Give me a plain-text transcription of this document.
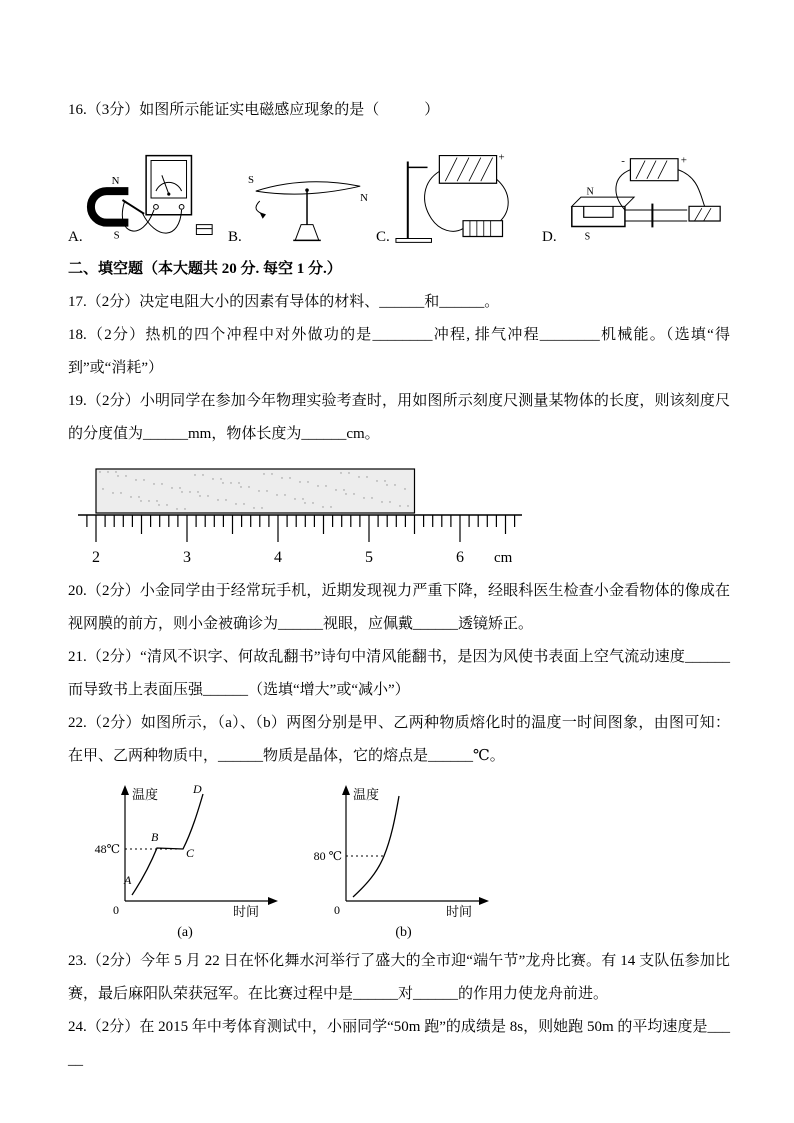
16.（3分）如图所示能证实电磁感应现象的是（　　　）

A.
N
S	B.
S
N
C.
+
D.
-	+
N
S

二、填空题（本大题共 20 分. 每空 1 分.）

17.（2分）决定电阻大小的因素有导体的材料、______和______。

18.（2分）热机的四个冲程中对外做功的是________冲程, 排气冲程________机械能。（选填“得到”或“消耗”）

19.（2分）小明同学在参加今年物理实验考查时，用如图所示刻度尺测量某物体的长度，则该刻度尺的分度值为______mm，物体长度为______cm。

2	3	4	5	6 cm

20.（2分）小金同学由于经常玩手机，近期发现视力严重下降，经眼科医生检查小金看物体的像成在视网膜的前方，则小金被确诊为______视眼，应佩戴______透镜矫正。

21.（2分）“清风不识字、何故乱翻书”诗句中清风能翻书，是因为风使书表面上空气流动速度______而导致书上表面压强______（选填“增大”或“减小”）

22.（2分）如图所示，（a）、（b）两图分别是甲、乙两种物质熔化时的温度一时间图象，由图可知：在甲、乙两种物质中，______物质是晶体，它的熔点是______℃。

温度
时间
0
48℃
A
B
C
D
(a)
温度
时间
0
80 ℃
(b)

23.（2分）今年 5 月 22 日在怀化舞水河举行了盛大的全市迎“端午节”龙舟比赛。有 14 支队伍参加比赛，最后麻阳队荣获冠军。在比赛过程中是______对______的作用力使龙舟前进。

24.（2分）在 2015 年中考体育测试中，小丽同学“50m 跑”的成绩是 8s，则她跑 50m 的平均速度是_____
